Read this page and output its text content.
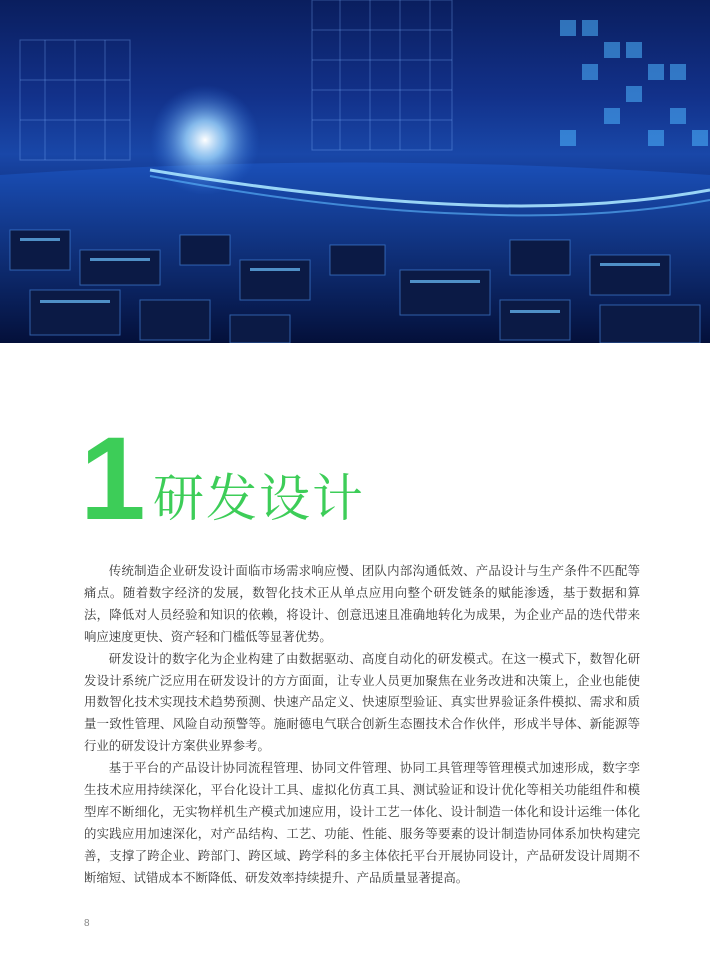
1 研发设计

传统制造企业研发设计面临市场需求响应慢、团队内部沟通低效、产品设计与生产条件不匹配等痛点。随着数字经济的发展，数智化技术正从单点应用向整个研发链条的赋能渗透，基于数据和算法，降低对人员经验和知识的依赖，将设计、创意迅速且准确地转化为成果，为企业产品的迭代带来响应速度更快、资产轻和门槛低等显著优势。

研发设计的数字化为企业构建了由数据驱动、高度自动化的研发模式。在这一模式下，数智化研发设计系统广泛应用在研发设计的方方面面，让专业人员更加聚焦在业务改进和决策上，企业也能使用数智化技术实现技术趋势预测、快速产品定义、快速原型验证、真实世界验证条件模拟、需求和质量一致性管理、风险自动预警等。施耐德电气联合创新生态圈技术合作伙伴，形成半导体、新能源等行业的研发设计方案供业界参考。

基于平台的产品设计协同流程管理、协同文件管理、协同工具管理等管理模式加速形成，数字孪生技术应用持续深化，平台化设计工具、虚拟化仿真工具、测试验证和设计优化等相关功能组件和模型库不断细化，无实物样机生产模式加速应用，设计工艺一体化、设计制造一体化和设计运维一体化的实践应用加速深化，对产品结构、工艺、功能、性能、服务等要素的设计制造协同体系加快构建完善，支撑了跨企业、跨部门、跨区域、跨学科的多主体依托平台开展协同设计，产品研发设计周期不断缩短、试错成本不断降低、研发效率持续提升、产品质量显著提高。

8
